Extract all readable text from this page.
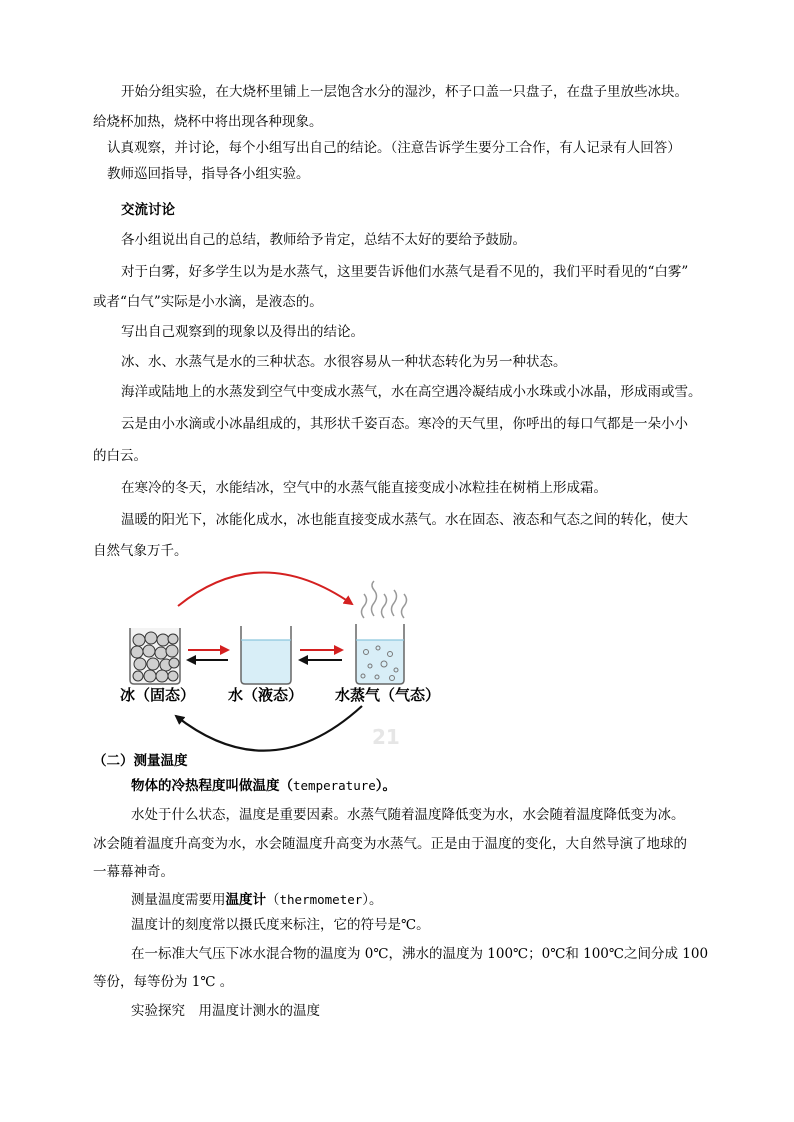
开始分组实验，在大烧杯里铺上一层饱含水分的湿沙，杯子口盖一只盘子，在盘子里放些冰块。
给烧杯加热，烧杯中将出现各种现象。
认真观察，并讨论，每个小组写出自己的结论。（注意告诉学生要分工合作，有人记录有人回答）
教师巡回指导，指导各小组实验。
交流讨论
各小组说出自己的总结，教师给予肯定，总结不太好的要给予鼓励。
对于白雾，好多学生以为是水蒸气，这里要告诉他们水蒸气是看不见的，我们平时看见的“白雾”
或者“白气”实际是小水滴，是液态的。
写出自己观察到的现象以及得出的结论。
冰、水、水蒸气是水的三种状态。水很容易从一种状态转化为另一种状态。
海洋或陆地上的水蒸发到空气中变成水蒸气，水在高空遇冷凝结成小水珠或小冰晶，形成雨或雪。
云是由小水滴或小冰晶组成的，其形状千姿百态。寒冷的天气里，你呼出的每口气都是一朵小小
的白云。
在寒冷的冬天，水能结冰，空气中的水蒸气能直接变成小冰粒挂在树梢上形成霜。
温暖的阳光下，冰能化成水，冰也能直接变成水蒸气。水在固态、液态和气态之间的转化，使大
自然气象万千。
21
冰（固态） 水（液态） 水蒸气（气态）
（二）测量温度
物体的冷热程度叫做温度（temperature）。
水处于什么状态，温度是重要因素。水蒸气随着温度降低变为水，水会随着温度降低变为冰。
冰会随着温度升高变为水，水会随温度升高变为水蒸气。正是由于温度的变化，大自然导演了地球的
一幕幕神奇。
测量温度需要用温度计（thermometer）。
温度计的刻度常以摄氏度来标注，它的符号是℃。
在一标准大气压下冰水混合物的温度为 0℃，沸水的温度为 100℃；0℃和 100℃之间分成 100
等份，每等份为 1℃ 。
实验探究　用温度计测水的温度
